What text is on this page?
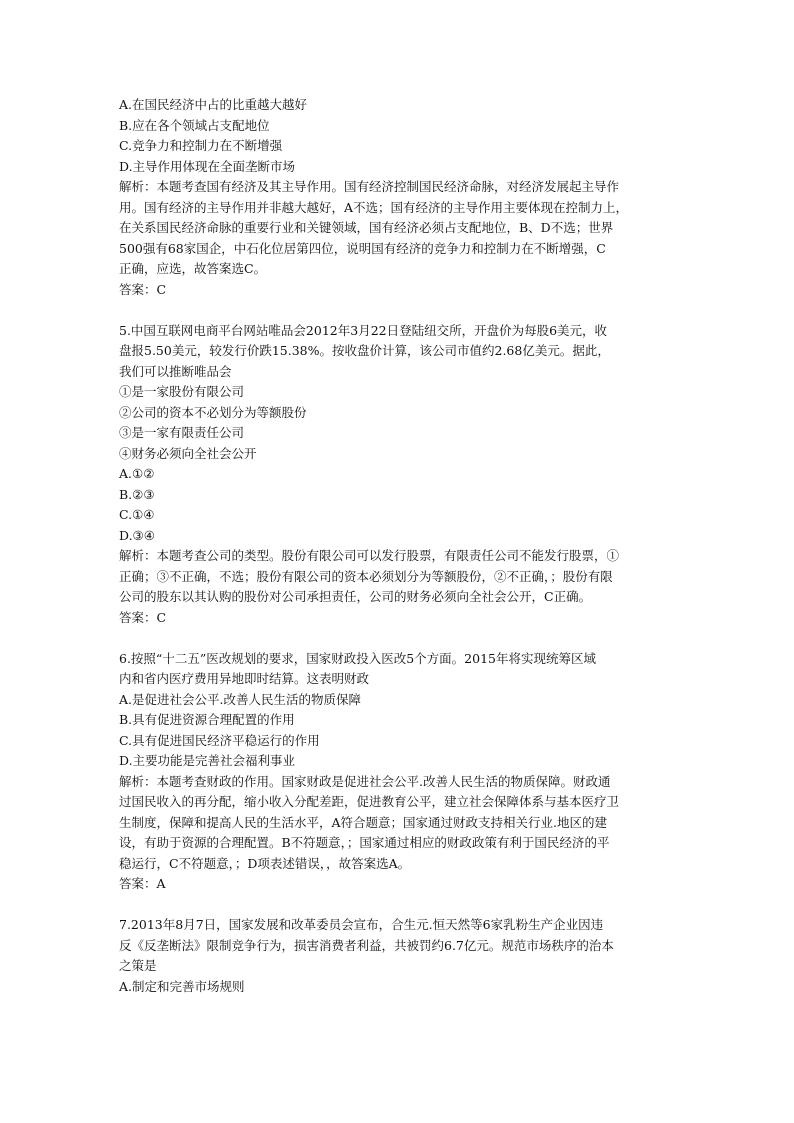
A.在国民经济中占的比重越大越好
B.应在各个领域占支配地位
C.竞争力和控制力在不断增强
D.主导作用体现在全面垄断市场
解析：本题考查国有经济及其主导作用。国有经济控制国民经济命脉，对经济发展起主导作
用。国有经济的主导作用并非越大越好，A不选；国有经济的主导作用主要体现在控制力上，
在关系国民经济命脉的重要行业和关键领域，国有经济必须占支配地位，B、D不选；世界
500强有68家国企，中石化位居第四位，说明国有经济的竞争力和控制力在不断增强，C
正确，应选，故答案选C。
答案：C
5.中国互联网电商平台网站唯品会2012年3月22日登陆纽交所，开盘价为每股6美元，收
盘报5.50美元，较发行价跌15.38%。按收盘价计算，该公司市值约2.68亿美元。据此，
我们可以推断唯品会
①是一家股份有限公司
②公司的资本不必划分为等额股份
③是一家有限责任公司
④财务必须向全社会公开
A.①②
B.②③
C.①④
D.③④
解析：本题考查公司的类型。股份有限公司可以发行股票，有限责任公司不能发行股票，①
正确；③不正确，不选；股份有限公司的资本必须划分为等额股份，②不正确，；股份有限
公司的股东以其认购的股份对公司承担责任，公司的财务必须向全社会公开，C正确。
答案：C
6.按照“十二五”医改规划的要求，国家财政投入医改5个方面。2015年将实现统筹区域
内和省内医疗费用异地即时结算。这表明财政
A.是促进社会公平.改善人民生活的物质保障
B.具有促进资源合理配置的作用
C.具有促进国民经济平稳运行的作用
D.主要功能是完善社会福利事业
解析：本题考查财政的作用。国家财政是促进社会公平.改善人民生活的物质保障。财政通
过国民收入的再分配，缩小收入分配差距，促进教育公平，建立社会保障体系与基本医疗卫
生制度，保障和提高人民的生活水平，A符合题意；国家通过财政支持相关行业.地区的建
设，有助于资源的合理配置。B不符题意，；国家通过相应的财政政策有利于国民经济的平
稳运行，C不符题意，；D项表述错误，，故答案选A。
答案：A
7.2013年8月7日，国家发展和改革委员会宣布，合生元.恒天然等6家乳粉生产企业因违
反《反垄断法》限制竞争行为，损害消费者利益，共被罚约6.7亿元。规范市场秩序的治本
之策是
A.制定和完善市场规则
